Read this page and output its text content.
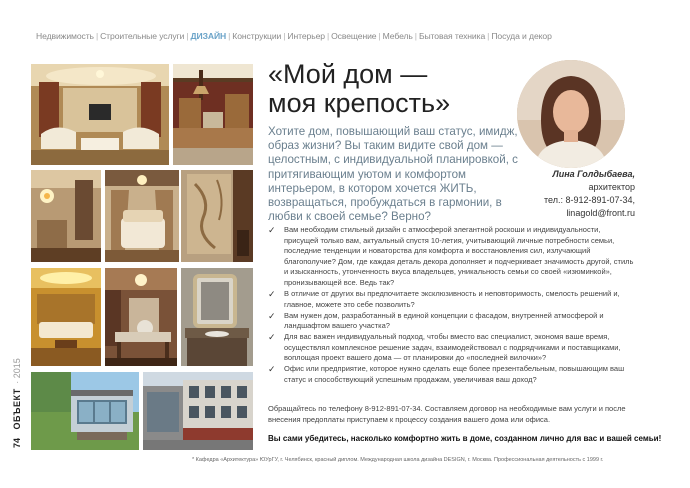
Недвижимость | Строительные услуги | ДИЗАЙН | Конструкции | Интерьер | Освещение | Мебель | Бытовая техника | Посуда и декор
«Мой дом —
моя крепость»
Хотите дом, повышающий ваш статус, имидж, образ жизни? Вы таким видите свой дом — целостным, с индивидуальной планировкой, с притягивающим уютом и комфортом интерьером, в котором хочется ЖИТЬ, возвращаться, пробуждаться в гармонии, в любви к своей семье? Верно?
Лина Голдыбаева,
архитектор
тел.: 8-912-891-07-34,
linagold@front.ru
✓ Вам необходим стильный дизайн с атмосферой элегантной роскоши и индивидуальности, присущей только вам, актуальный спустя 10-летия, учитывающий личные потребности семьи, последние тенденции и новаторства для комфорта и восстановления сил, излучающий благополучие? Дом, где каждая деталь декора дополняет и подчеркивает значимость другой, стиль и изысканность, утонченность вкуса владельцев, уникальность семьи со своей «изюминкой», пронизывающей все. Ведь так?
✓ В отличие от других вы предпочитаете эксклюзивность и неповторимость, смелость решений и, главное, можете это себе позволить?
✓ Вам нужен дом, разработанный в единой концепции с фасадом, внутренней атмосферой и ландшафтом вашего участка?
✓ Для вас важен индивидуальный подход, чтобы вместо вас специалист, экономя ваше время, осуществлял комплексное решение задач, взаимодействовал с подрядчиками и поставщиками, воплощая проект вашего дома — от планировки до «последней вилочки»?
✓ Офис или предприятие, которое нужно сделать еще более презентабельным, повышающим ваш статус и способствующий успешным продажам, увеличивая ваш доход?
Обращайтесь по телефону 8-912-891-07-34. Составляем договор на необходимые вам услуги и после внесения предоплаты приступаем к процессу создания вашего дома или офиса.
Вы сами убедитесь, насколько комфортно жить в доме, созданном лично для вас и вашей семьи!
* Кафедра «Архитектура» ЮУрГУ, г. Челябинск, красный диплом. Международная школа дизайна DESIGN, г. Москва. Профессиональная деятельность с 1999 г.
74 ОБЪЕКТ · 2015
